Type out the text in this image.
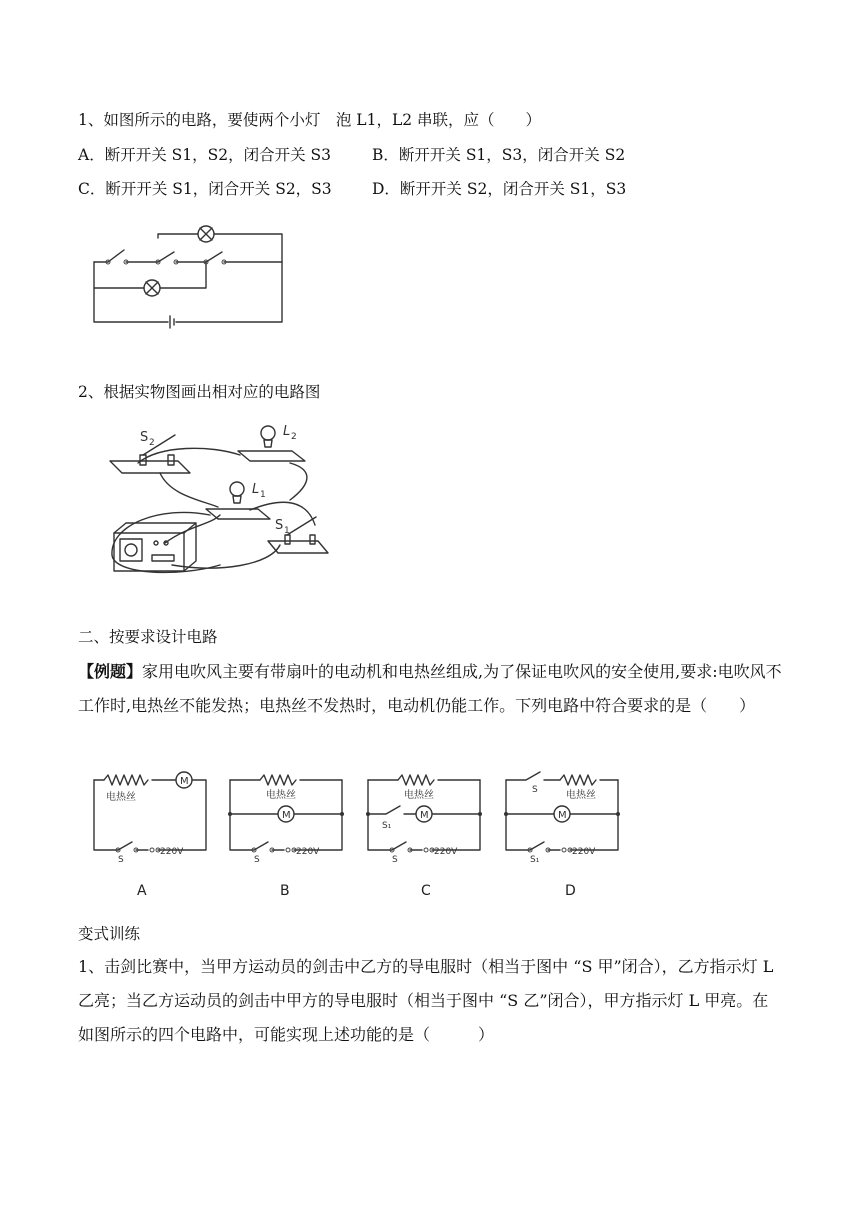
1、如图所示的电路，要使两个小灯　泡 L1，L2 串联，应（　　）
A．断开开关 S1，S2，闭合开关 S3	B．断开开关 S1，S3，闭合开关 S2
C．断开开关 S1，闭合开关 S2，S3	D．断开开关 S2，闭合开关 S1，S3
2、根据实物图画出相对应的电路图
S 2
L 2
L 1
S 1
二、按要求设计电路
【例题】家用电吹风主要有带扇叶的电动机和电热丝组成,为了保证电吹风的安全使用,要求:电吹风不工作时,电热丝不能发热；电热丝不发热时，电动机仍能工作。下列电路中符合要求的是（　　）
M
电热丝
S
220V
M
电热丝
S
220V
M
电热丝
S₁
S
220V
M
电热丝
S
S₁
220V
A	B	C	D
变式训练
1、击剑比赛中，当甲方运动员的剑击中乙方的导电服时（相当于图中 “S 甲”闭合），乙方指示灯 L 乙亮；当乙方运动员的剑击中甲方的导电服时（相当于图中 “S 乙”闭合），甲方指示灯 L 甲亮。在如图所示的四个电路中，可能实现上述功能的是（　　　）
